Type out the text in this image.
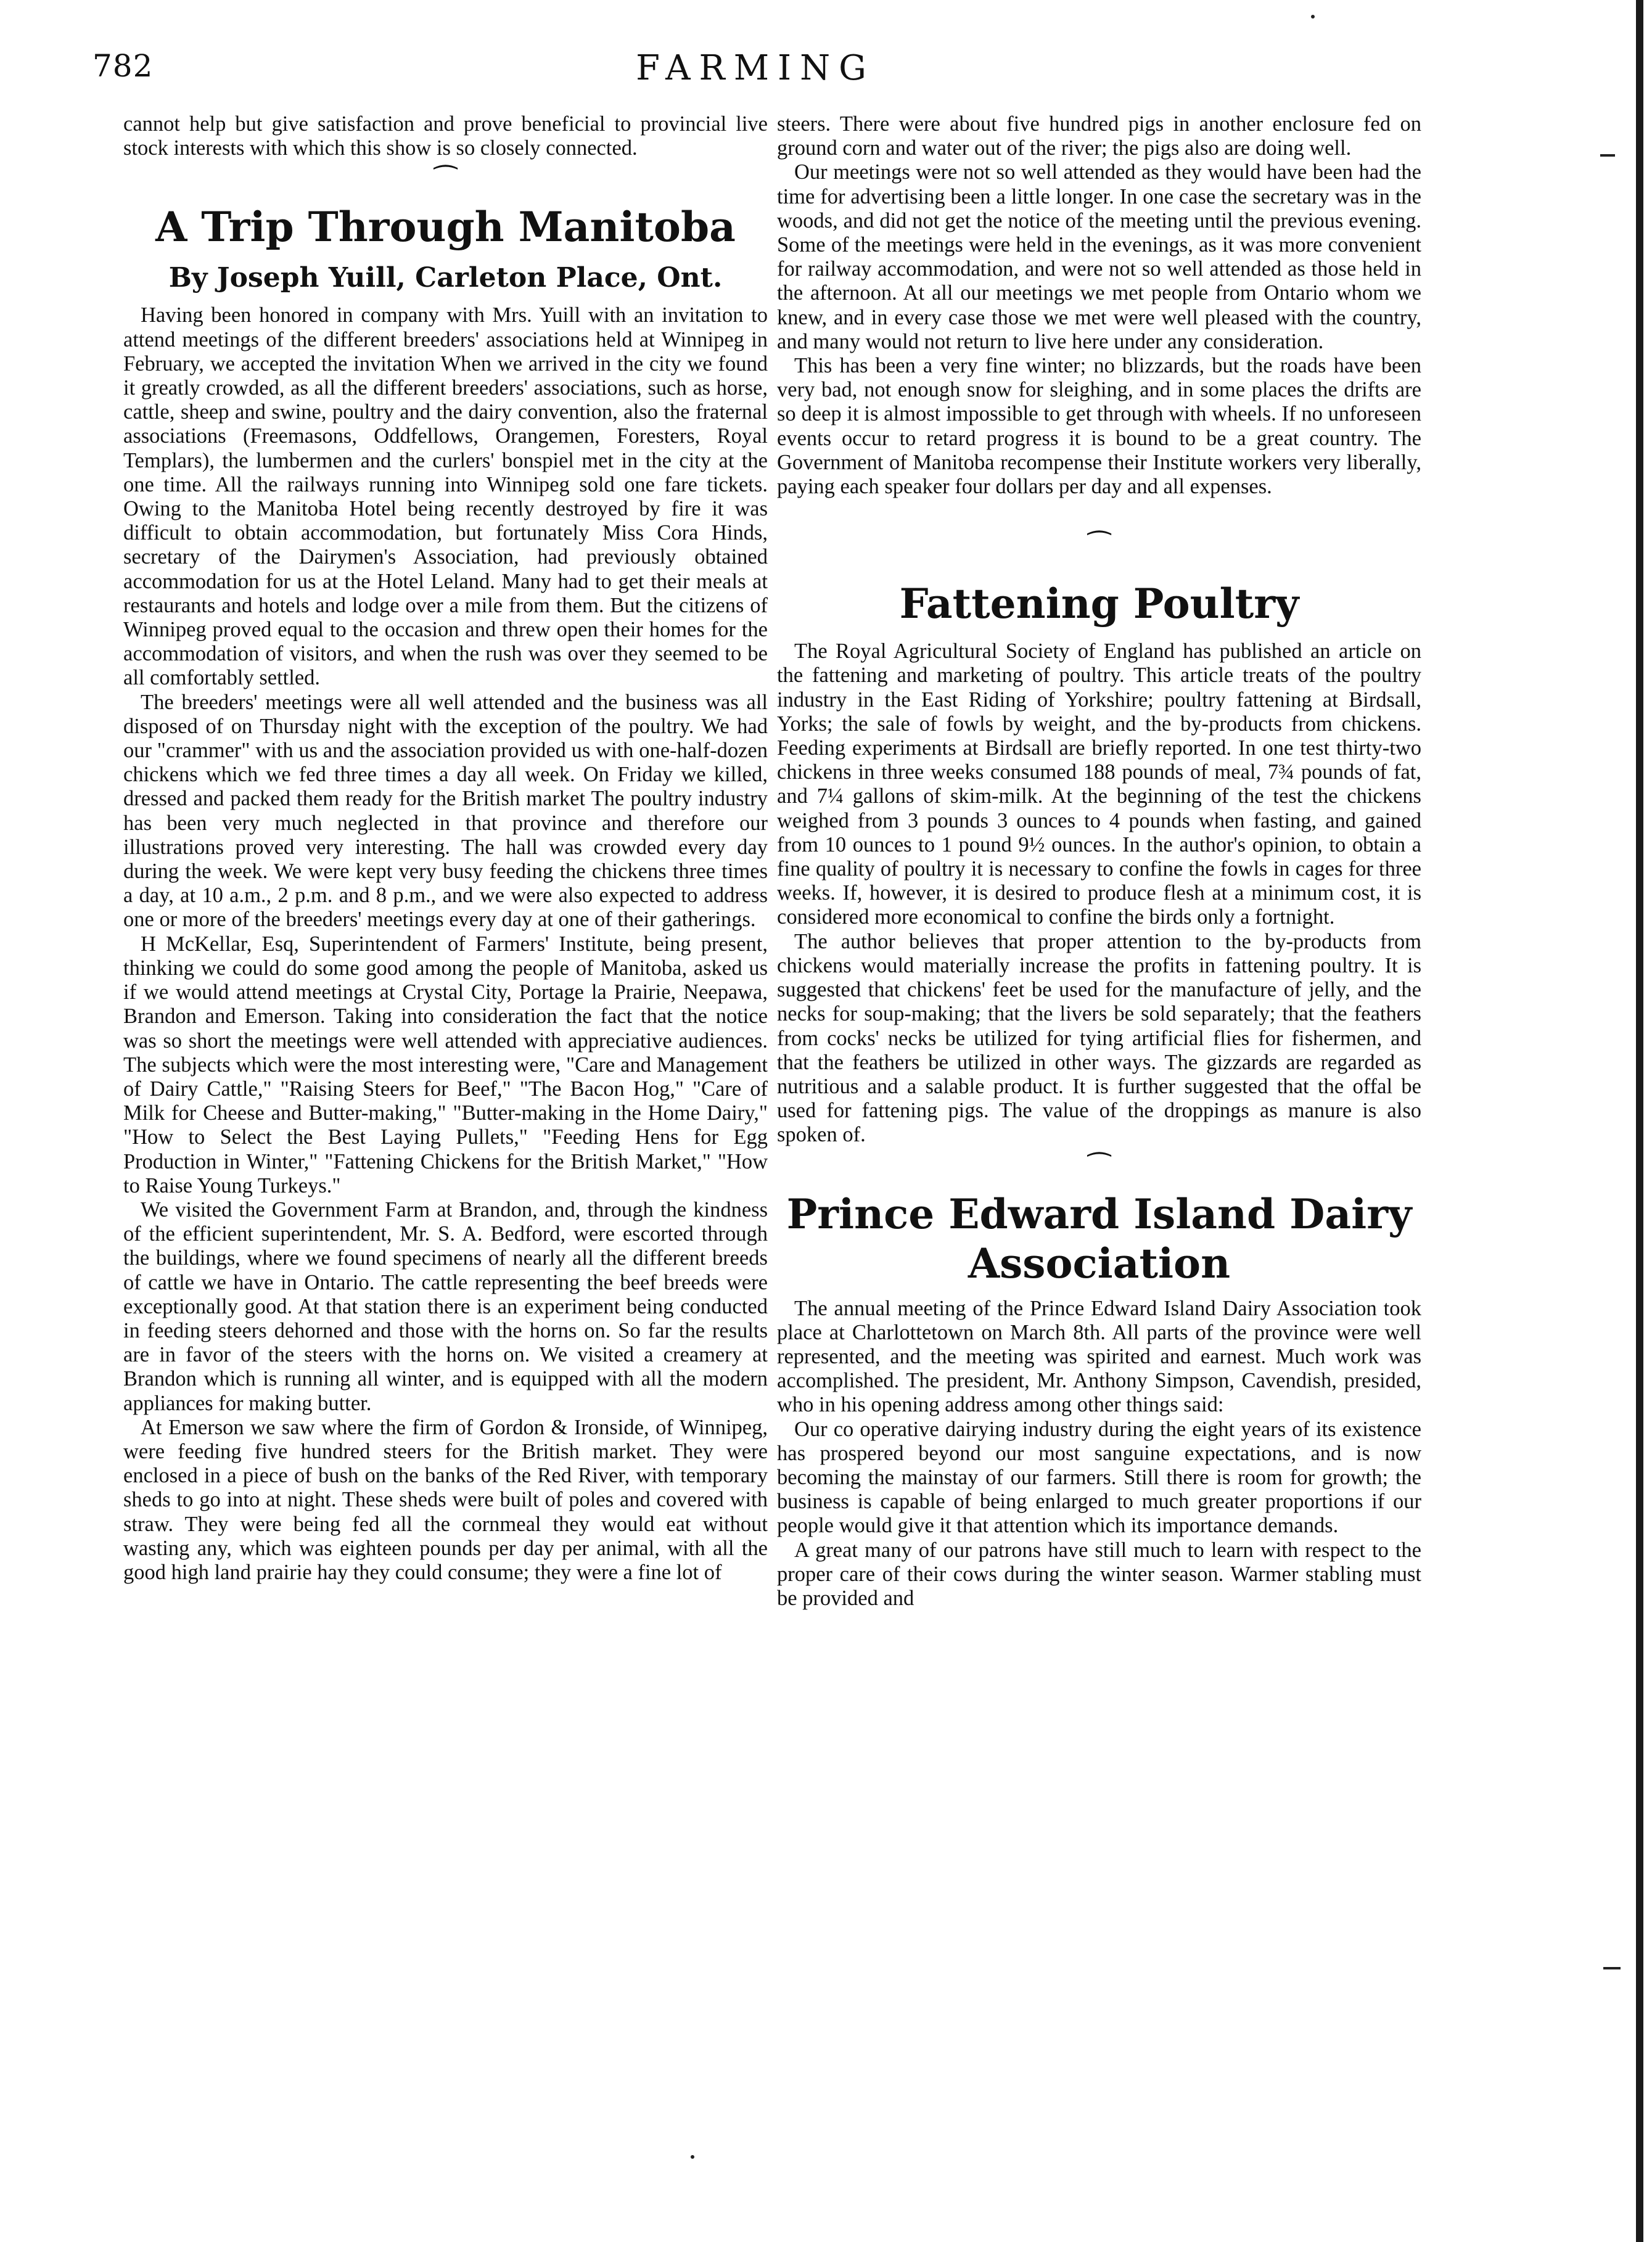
782	FARMING

cannot help but give satisfaction and prove beneficial to provincial live stock interests with which this show is so closely connected.

⁀
A Trip Through Manitoba
By Joseph Yuill, Carleton Place, Ont.

Having been honored in company with Mrs. Yuill with an invitation to attend meetings of the different breeders' associations held at Winnipeg in February, we accepted the invitation When we arrived in the city we found it greatly crowded, as all the different breeders' associations, such as horse, cattle, sheep and swine, poultry and the dairy convention, also the fraternal associations (Freemasons, Oddfellows, Orangemen, Foresters, Royal Templars), the lumbermen and the curlers' bonspiel met in the city at the one time. All the railways running into Winnipeg sold one fare tickets. Owing to the Manitoba Hotel being recently destroyed by fire it was difficult to obtain accommodation, but fortunately Miss Cora Hinds, secretary of the Dairymen's Association, had previously obtained accommodation for us at the Hotel Leland. Many had to get their meals at restaurants and hotels and lodge over a mile from them. But the citizens of Winnipeg proved equal to the occasion and threw open their homes for the accommodation of visitors, and when the rush was over they seemed to be all comfortably settled.

The breeders' meetings were all well attended and the business was all disposed of on Thursday night with the exception of the poultry. We had our "crammer" with us and the association provided us with one-half-dozen chickens which we fed three times a day all week. On Friday we killed, dressed and packed them ready for the British market The poultry industry has been very much neglected in that province and therefore our illustrations proved very interesting. The hall was crowded every day during the week. We were kept very busy feeding the chickens three times a day, at 10 a.m., 2 p.m. and 8 p.m., and we were also expected to address one or more of the breeders' meetings every day at one of their gatherings.

H McKellar, Esq, Superintendent of Farmers' Institute, being present, thinking we could do some good among the people of Manitoba, asked us if we would attend meetings at Crystal City, Portage la Prairie, Neepawa, Brandon and Emerson. Taking into consideration the fact that the notice was so short the meetings were well attended with appreciative audiences. The subjects which were the most interesting were, "Care and Management of Dairy Cattle," "Raising Steers for Beef," "The Bacon Hog," "Care of Milk for Cheese and Butter-making," "Butter-making in the Home Dairy," "How to Select the Best Laying Pullets," "Feeding Hens for Egg Production in Winter," "Fattening Chickens for the British Market," "How to Raise Young Turkeys."

We visited the Government Farm at Brandon, and, through the kindness of the efficient superintendent, Mr. S. A. Bedford, were escorted through the buildings, where we found specimens of nearly all the different breeds of cattle we have in Ontario. The cattle representing the beef breeds were exceptionally good. At that station there is an experiment being conducted in feeding steers dehorned and those with the horns on. So far the results are in favor of the steers with the horns on. We visited a creamery at Brandon which is running all winter, and is equipped with all the modern appliances for making butter.

At Emerson we saw where the firm of Gordon & Ironside, of Winnipeg, were feeding five hundred steers for the British market. They were enclosed in a piece of bush on the banks of the Red River, with temporary sheds to go into at night. These sheds were built of poles and covered with straw. They were being fed all the cornmeal they would eat without wasting any, which was eighteen pounds per day per animal, with all the good high land prairie hay they could consume; they were a fine lot of

steers. There were about five hundred pigs in another enclosure fed on ground corn and water out of the river; the pigs also are doing well.

Our meetings were not so well attended as they would have been had the time for advertising been a little longer. In one case the secretary was in the woods, and did not get the notice of the meeting until the previous evening. Some of the meetings were held in the evenings, as it was more convenient for railway accommodation, and were not so well attended as those held in the afternoon. At all our meetings we met people from Ontario whom we knew, and in every case those we met were well pleased with the country, and many would not return to live here under any consideration.

This has been a very fine winter; no blizzards, but the roads have been very bad, not enough snow for sleighing, and in some places the drifts are so deep it is almost impossible to get through with wheels. If no unforeseen events occur to retard progress it is bound to be a great country. The Government of Manitoba recompense their Institute workers very liberally, paying each speaker four dollars per day and all expenses.

⁀
Fattening Poultry

The Royal Agricultural Society of England has published an article on the fattening and marketing of poultry. This article treats of the poultry industry in the East Riding of Yorkshire; poultry fattening at Birdsall, Yorks; the sale of fowls by weight, and the by-products from chickens. Feeding experiments at Birdsall are briefly reported. In one test thirty-two chickens in three weeks consumed 188 pounds of meal, 7¾ pounds of fat, and 7¼ gallons of skim-milk. At the beginning of the test the chickens weighed from 3 pounds 3 ounces to 4 pounds when fasting, and gained from 10 ounces to 1 pound 9½ ounces. In the author's opinion, to obtain a fine quality of poultry it is necessary to confine the fowls in cages for three weeks. If, however, it is desired to produce flesh at a minimum cost, it is considered more economical to confine the birds only a fortnight.

The author believes that proper attention to the by-products from chickens would materially increase the profits in fattening poultry. It is suggested that chickens' feet be used for the manufacture of jelly, and the necks for soup-making; that the livers be sold separately; that the feathers from cocks' necks be utilized for tying artificial flies for fishermen, and that the feathers be utilized in other ways. The gizzards are regarded as nutritious and a salable product. It is further suggested that the offal be used for fattening pigs. The value of the droppings as manure is also spoken of.

⁀
Prince Edward Island Dairy
Association

The annual meeting of the Prince Edward Island Dairy Association took place at Charlottetown on March 8th. All parts of the province were well represented, and the meeting was spirited and earnest. Much work was accomplished. The president, Mr. Anthony Simpson, Cavendish, presided, who in his opening address among other things said:

Our co operative dairying industry during the eight years of its existence has prospered beyond our most sanguine expectations, and is now becoming the mainstay of our farmers. Still there is room for growth; the business is capable of being enlarged to much greater proportions if our people would give it that attention which its importance demands.

A great many of our patrons have still much to learn with respect to the proper care of their cows during the winter season. Warmer stabling must be provided and
